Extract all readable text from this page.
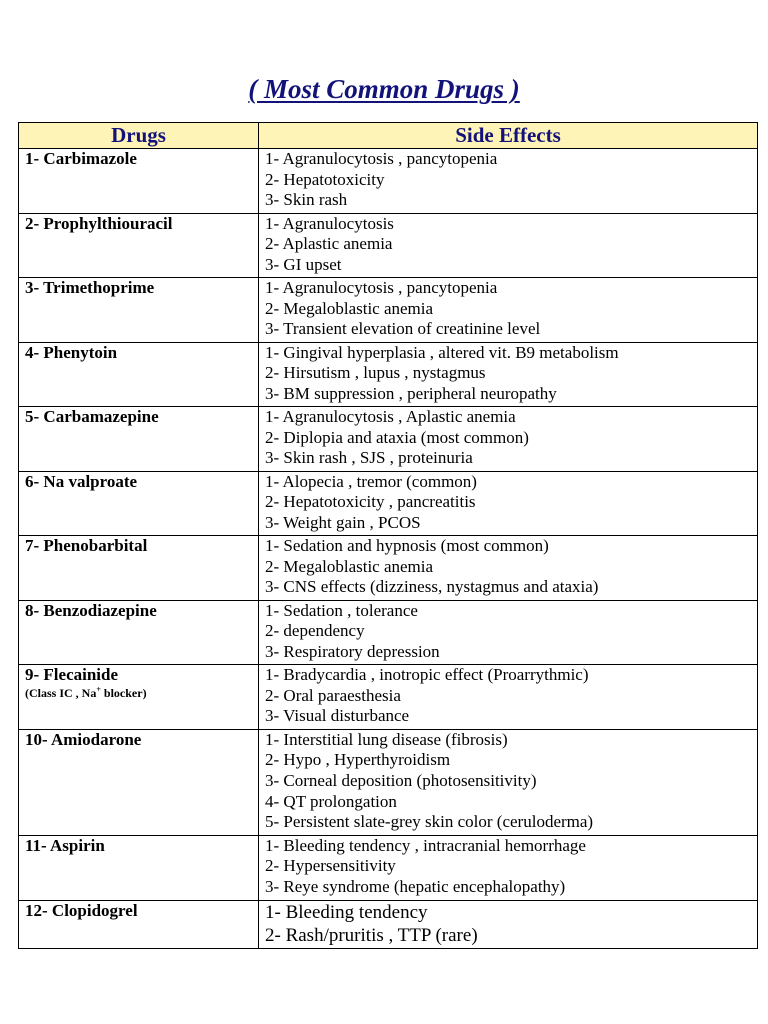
( Most Common Drugs )
Drugs	Side Effects
1- Carbimazole	1- Agranulocytosis , pancytopenia
2- Hepatotoxicity
3- Skin rash

2- Prophylthiouracil	1- Agranulocytosis
2- Aplastic anemia
3- GI upset

3- Trimethoprime	1- Agranulocytosis , pancytopenia
2- Megaloblastic anemia
3- Transient elevation of creatinine level

4- Phenytoin	1- Gingival hyperplasia , altered vit. B9 metabolism
2- Hirsutism , lupus , nystagmus
3- BM suppression , peripheral neuropathy

5- Carbamazepine	1- Agranulocytosis , Aplastic anemia
2- Diplopia and ataxia (most common)
3- Skin rash , SJS , proteinuria

6- Na valproate	1- Alopecia , tremor (common)
2- Hepatotoxicity , pancreatitis
3- Weight gain , PCOS

7- Phenobarbital	1- Sedation and hypnosis (most common)
2- Megaloblastic anemia
3- CNS effects (dizziness, nystagmus and ataxia)

8- Benzodiazepine	1- Sedation , tolerance
2- dependency
3- Respiratory depression

9- Flecainide
(Class IC , Na+ blocker)	1- Bradycardia , inotropic effect (Proarrythmic)
2- Oral paraesthesia
3- Visual disturbance

10- Amiodarone	1- Interstitial lung disease (fibrosis)
2- Hypo , Hyperthyroidism
3- Corneal deposition (photosensitivity)
4- QT prolongation
5- Persistent slate-grey skin color (ceruloderma)

11- Aspirin	1- Bleeding tendency , intracranial hemorrhage
2- Hypersensitivity
3- Reye syndrome (hepatic encephalopathy)

12- Clopidogrel	1- Bleeding tendency
2- Rash/pruritis , TTP (rare)
